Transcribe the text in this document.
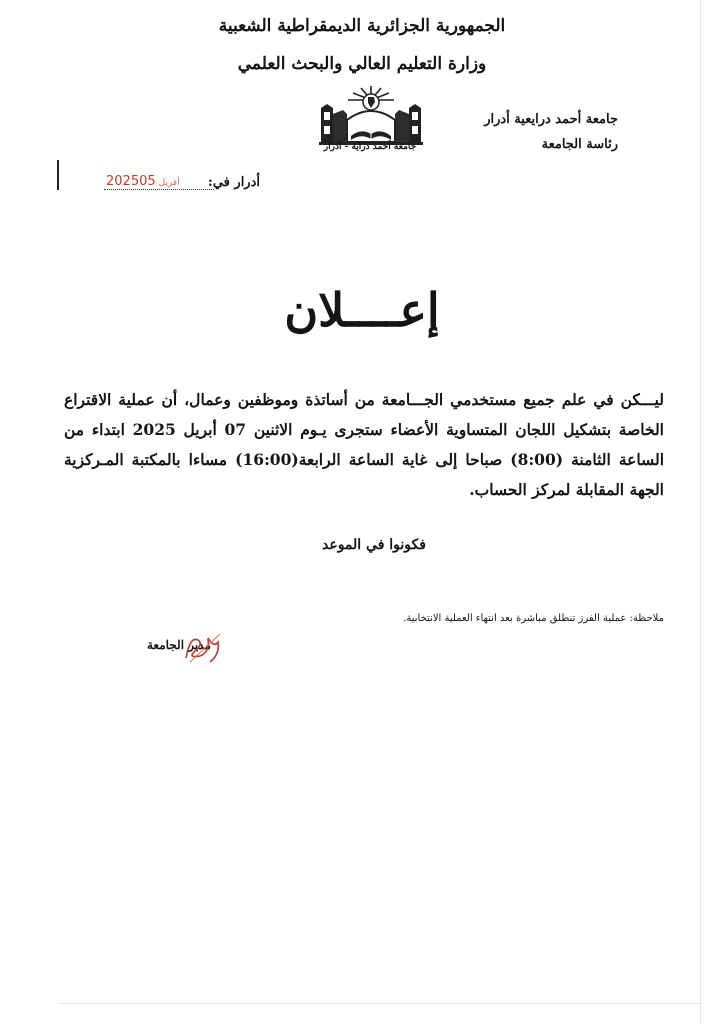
الجمهورية الجزائرية الديمقراطية الشعبية
وزارة التعليم العالي والبحث العلمي
جامعة أحمد درايعية أدرار
رئاسة الجامعة
جامعة أحمد دراية - أدرار
أدرار في:
2025 أفريل05
إعــــلان
ليـــكن في علم جميع مستخدمي الجـــامعة من أساتذة وموظفين وعمال، أن عملية الاقتراع الخاصة بتشكيل اللجان المتساوية الأعضاء ستجرى يـوم الاثنين 07 أبريل 2025 ابتداء من الساعة الثامنة (8:00) صباحا إلى غاية الساعة الرابعة(16:00) مساءا بالمكتبة المـركزية الجهة المقابلة لمركز الحساب.
فكونوا في الموعد
ملاحظة: عملية الفرز تنطلق مباشرة بعد انتهاء العملية الانتخابية.
مدير الجامعة
